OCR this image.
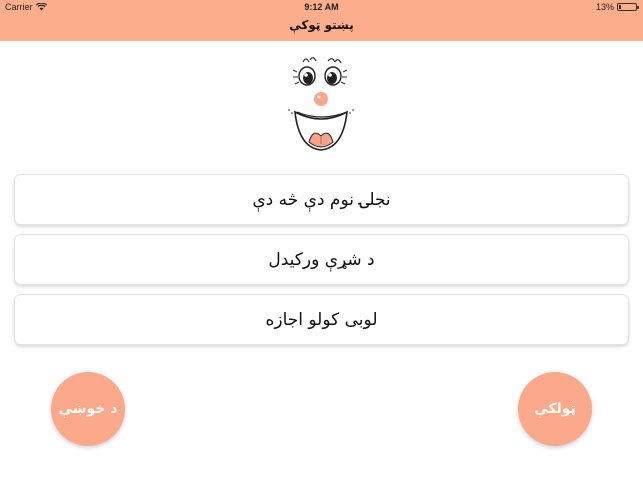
Carrier	9:12 AM	13%
پښتو ټوکې
نجلۍ نوم دې څه دې
د شړې ورکیدل
لوبی کولو اجازه
د خوښې	ټولکې
